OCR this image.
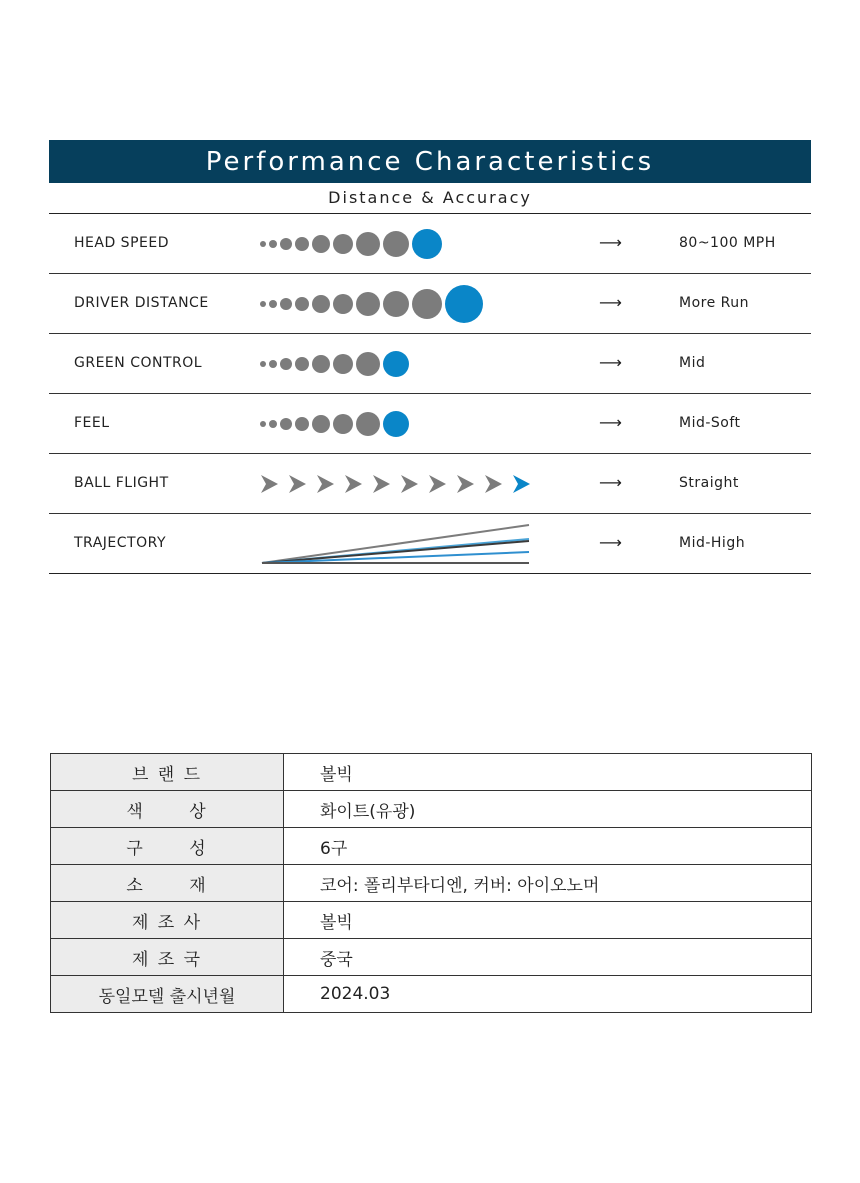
Performance Characteristics
Distance & Accuracy
HEAD SPEED	⟶	80~100 MPH
DRIVER DISTANCE	⟶	More Run
GREEN CONTROL	⟶	Mid
FEEL	⟶	Mid-Soft
BALL FLIGHT	⟶	Straight
TRAJECTORY	⟶	Mid-High
브 랜 드	볼빅
색      상	화이트(유광)
구      성	6구
소      재	코어: 폴리부타디엔, 커버: 아이오노머
제 조 사	볼빅
제 조 국	중국
동일모델 출시년월	2024.03
